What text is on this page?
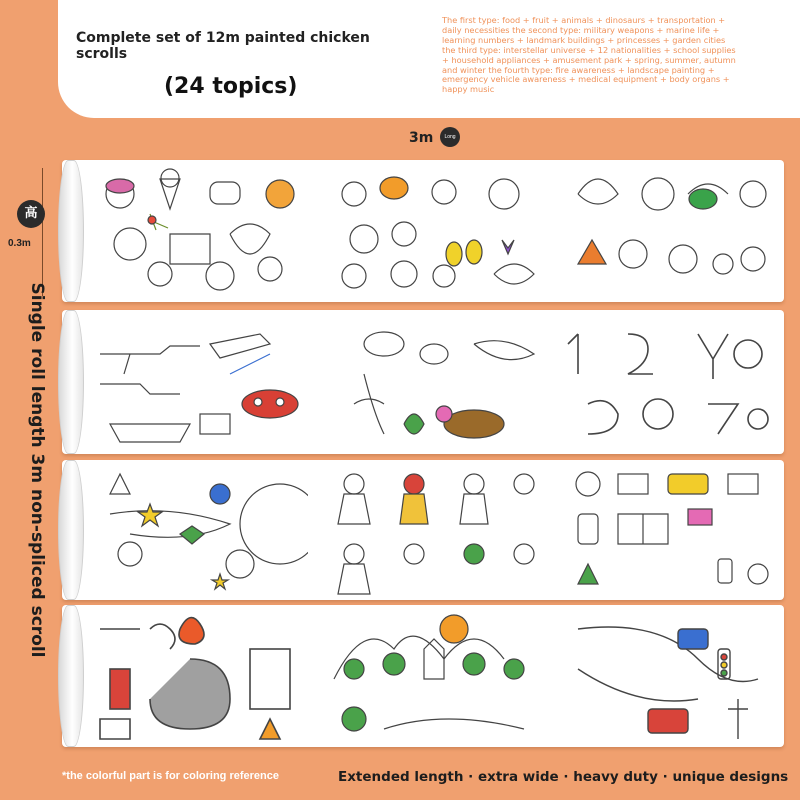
Complete set of 12m painted chicken scrolls
(24 topics)
The first type: food + fruit + animals + dinosaurs + transportation + daily necessities the second type: military weapons + marine life + learning numbers + landmark buildings + princesses + garden cities the third type: interstellar universe + 12 nationalities + school supplies + household appliances + amusement park + spring, summer, autumn and winter the fourth type: fire awareness + landscape painting + emergency vehicle awareness + medical equipment + body organs + happy music
3m	Long
高
0.3m
Single roll length 3m non-spliced scroll
*the colorful part is for coloring reference	Extended length · extra wide · heavy duty · unique designs
